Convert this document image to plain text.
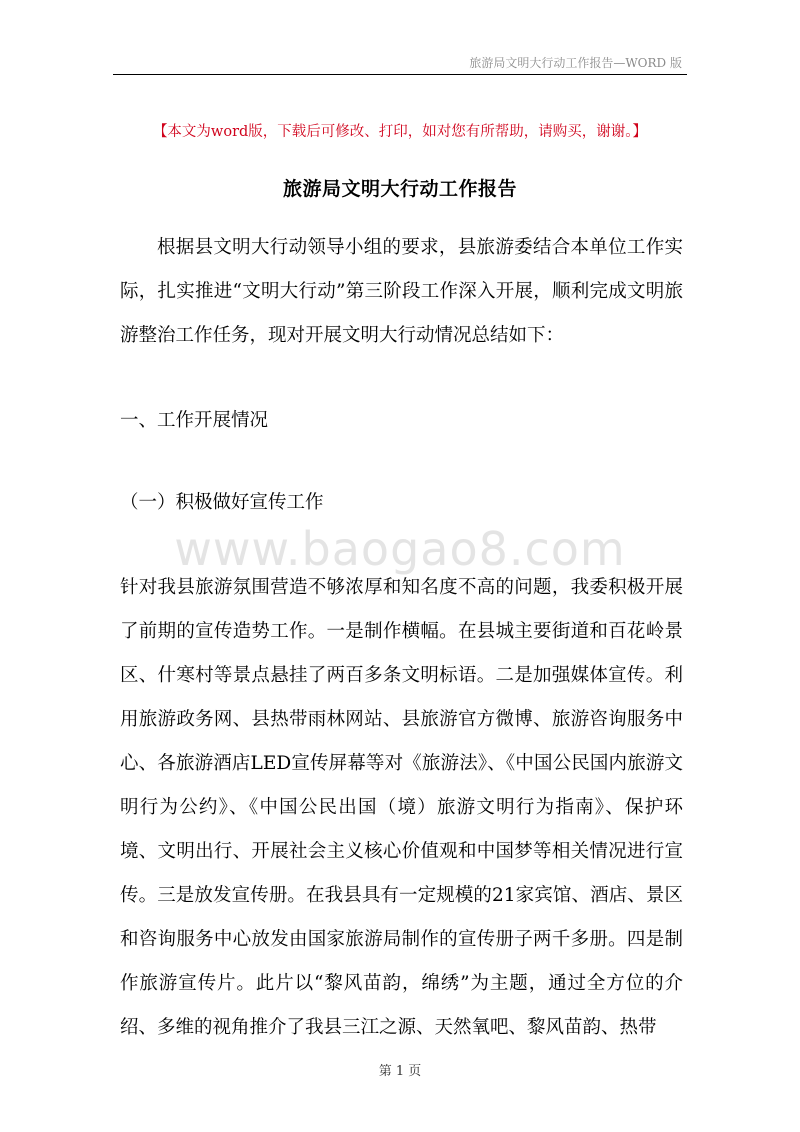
旅游局文明大行动工作报告—WORD 版
【本文为word版，下载后可修改、打印，如对您有所帮助，请购买，谢谢。】
旅游局文明大行动工作报告

根据县文明大行动领导小组的要求，县旅游委结合本单位工作实际，扎实推进“文明大行动”第三阶段工作深入开展，顺利完成文明旅游整治工作任务，现对开展文明大行动情况总结如下：

一、工作开展情况

（一）积极做好宣传工作

www.baogao8.com

针对我县旅游氛围营造不够浓厚和知名度不高的问题，我委积极开展了前期的宣传造势工作。一是制作横幅。在县城主要街道和百花岭景区、什寒村等景点悬挂了两百多条文明标语。二是加强媒体宣传。利用旅游政务网、县热带雨林网站、县旅游官方微博、旅游咨询服务中心、各旅游酒店LED宣传屏幕等对《旅游法》、《中国公民国内旅游文明行为公约》、《中国公民出国（境）旅游文明行为指南》、保护环境、文明出行、开展社会主义核心价值观和中国梦等相关情况进行宣传。三是放发宣传册。在我县具有一定规模的21家宾馆、酒店、景区和咨询服务中心放发由国家旅游局制作的宣传册子两千多册。四是制作旅游宣传片。此片以“黎风苗韵，绵绣”为主题，通过全方位的介绍、多维的视角推介了我县三江之源、天然氧吧、黎风苗韵、热带

第 1 页
